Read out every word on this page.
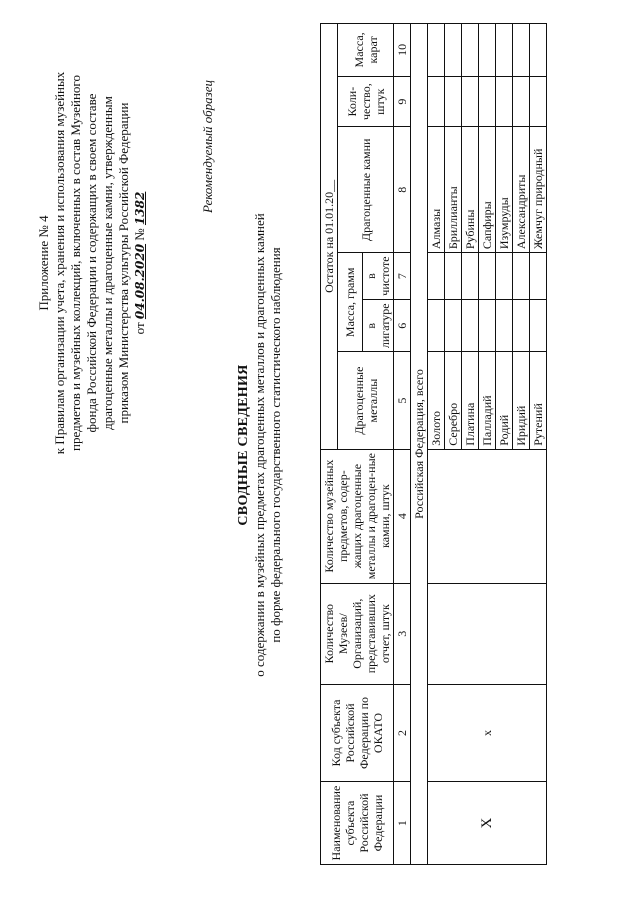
Приложение № 4 к Правилам организации учета, хранения и использования музейных предметов и музейных коллекций, включенных в состав Музейного фонда Российской Федерации и содержащих в своем составе драгоценные металлы и драгоценные камни, утвержденным приказом Министерства культуры Российской Федерации от 04.08.2020 № 1382	Рекомендуемый образец
СВОДНЫЕ СВЕДЕНИЯ о содержании в музейных предметах драгоценных металлов и драгоценных камней по форме федерального государственного статистического наблюдения
Наименование субъекта Российской Федерации	Код субъекта Российской Федерации по ОКАТО	Количество Музеев/ Организаций, представивших отчет, штук	Количество музейных предметов, содер-жащих драгоценные металлы и драгоцен-ные камни, штук	Остаток на 01.01.20__					
				Драгоценные металлы	Масса, грамм		Драгоценные камни	Коли-чество, штук	Масса, карат
					в лигатуре	в чистоте			
1	2	3	4	5	6	7	8	9	10
Российская Федерация, всего									
X	х			Золото			Алмазы		
				Серебро			Бриллианты		
				Платина			Рубины		
				Палладий			Сапфиры		
				Родий			Изумруды		
				Иридий			Александриты		
				Рутений			Жемчуг природный		
